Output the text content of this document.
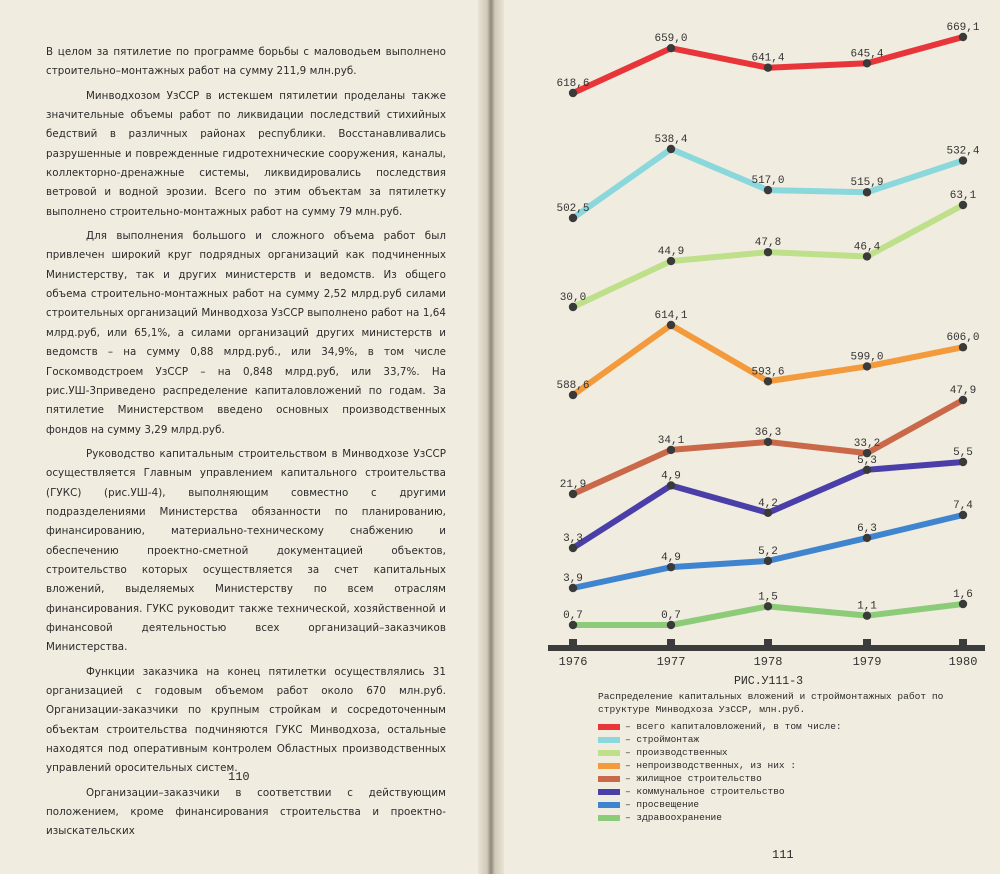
В целом за пятилетие по программе борьбы с маловодьем выполнено строительно–монтажных работ на сумму 211,9 млн.руб.

Минводхозом УзССР в истекшем пятилетии проделаны также значительные объемы работ по ликвидации последствий стихийных бедствий в различных районах республики. Восстанавливались разрушенные и поврежденные гидротехнические сооружения, каналы, коллекторно-дренажные системы, ликвидировались последствия ветровой и водной эрозии. Всего по этим объектам за пятилетку выполнено строительно-монтажных работ на сумму 79 млн.руб.

Для выполнения большого и сложного объема работ был привлечен широкий круг подрядных организаций как подчиненных Министерству, так и других министерств и ведомств. Из общего объема строительно-монтажных работ на сумму 2,52 млрд.руб силами строительных организаций Минводхоза УзССР выполнено работ на 1,64 млрд.руб, или 65,1%, а силами организаций других министерств и ведомств – на сумму 0,88 млрд.руб., или 34,9%, в том числе Госкомводстроем УзССР – на 0,848 млрд.руб, или 33,7%. На рис.УШ-3приведено распределение капиталовложений по годам. За пятилетие Министерством введено основных производственных фондов на сумму 3,29 млрд.руб.

Руководство капитальным строительством в Минводхозе УзССР осуществляется Главным управлением капитального строительства (ГУКС) (рис.УШ-4), выполняющим совместно с другими подразделениями Министерства обязанности по планированию, финансированию, материально-техническому снабжению и обеспечению проектно-сметной документацией объектов, строительство которых осуществляется за счет капитальных вложений, выделяемых Министерству по всем отраслям финансирования. ГУКС руководит также технической, хозяйственной и финансовой деятельностью всех организаций–заказчиков Министерства.

Функции заказчика на конец пятилетки осуществлялись 31 организацией с годовым объемом работ около 670 млн.руб. Организации-заказчики по крупным стройкам и сосредоточенным объектам строительства подчиняются ГУКС Минводхоза, остальные находятся под оперативным контролем Областных производственных управлений оросительных систем.

Организации–заказчики в соответствии с действующим положением, кроме финансирования строительства и проектно-изыскательских

110
618,6
659,0
641,4	645,4
669,1
502,5
538,4
517,0	515,9
532,4
30,0
44,9
47,8	46,4
63,1
588,6
614,1
593,6
599,0
606,0
21,9
34,1
36,3
33,2
47,9
3,3
4,9
4,2
5,3
5,5
3,9
4,9
5,2
6,3
7,4
0,7	0,7
1,5
1,1
1,6
1976	1977	1978	1979	1980
РИС.У111-3
Распределение капитальных вложений и строймонтажных работ по структуре Минводхоза УзССР, млн.руб.
– всего капиталовложений, в том числе:
– строймонтаж
– производственных
– непроизводственных, из них :
– жилищное строительство
– коммунальное строительство
– просвещение
– здравоохранение
111
